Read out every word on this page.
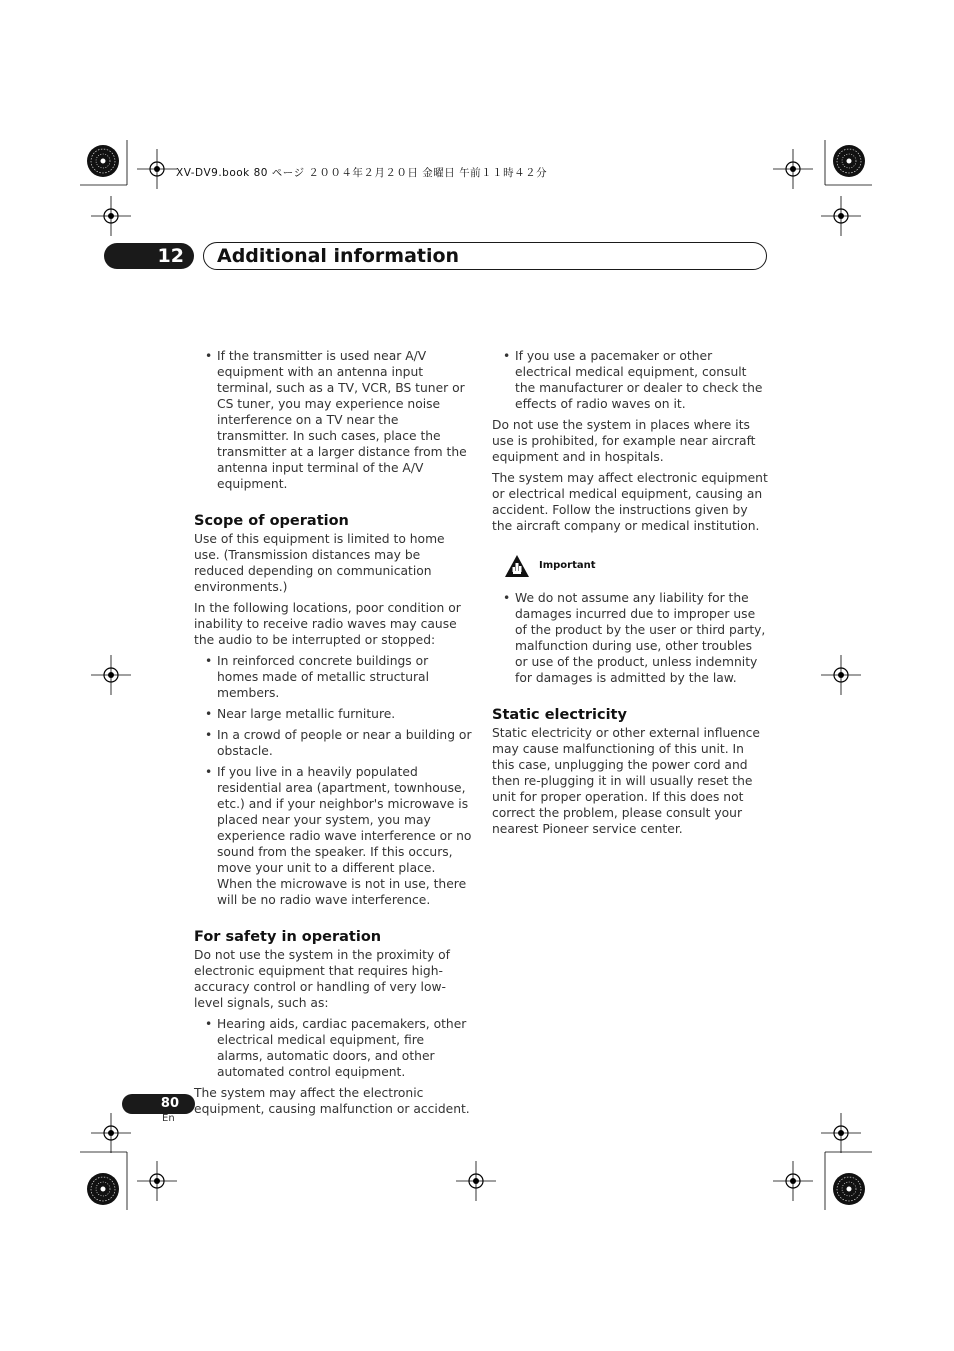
XV-DV9.book 80 ページ ２００４年２月２０日 金曜日 午前１１時４２分
12	Additional information
• If the transmitter is used near A/V equipment with an antenna input terminal, such as a TV, VCR, BS tuner or CS tuner, you may experience noise interference on a TV near the transmitter. In such cases, place the transmitter at a larger distance from the antenna input terminal of the A/V equipment.
Scope of operation

Use of this equipment is limited to home use. (Transmission distances may be reduced depending on communication environments.)

In the following locations, poor condition or inability to receive radio waves may cause the audio to be interrupted or stopped:

• In reinforced concrete buildings or homes made of metallic structural members.
• Near large metallic furniture.
• In a crowd of people or near a building or obstacle.
• If you live in a heavily populated residential area (apartment, townhouse, etc.) and if your neighbor's microwave is placed near your system, you may experience radio wave interference or no sound from the speaker. If this occurs, move your unit to a different place. When the microwave is not in use, there will be no radio wave interference.
For safety in operation

Do not use the system in the proximity of electronic equipment that requires high-accuracy control or handling of very low-level signals, such as:

• Hearing aids, cardiac pacemakers, other electrical medical equipment, fire alarms, automatic doors, and other automated control equipment.

The system may affect the electronic equipment, causing malfunction or accident.

• If you use a pacemaker or other electrical medical equipment, consult the manufacturer or dealer to check the effects of radio waves on it.

Do not use the system in places where its use is prohibited, for example near aircraft equipment and in hospitals.

The system may affect electronic equipment or electrical medical equipment, causing an accident. Follow the instructions given by the aircraft company or medical institution.

Important
• We do not assume any liability for the damages incurred due to improper use of the product by the user or third party, malfunction during use, other troubles or use of the product, unless indemnity for damages is admitted by the law.
Static electricity

Static electricity or other external influence may cause malfunctioning of this unit. In this case, unplugging the power cord and then re-plugging it in will usually reset the unit for proper operation. If this does not correct the problem, please consult your nearest Pioneer service center.

80
En
